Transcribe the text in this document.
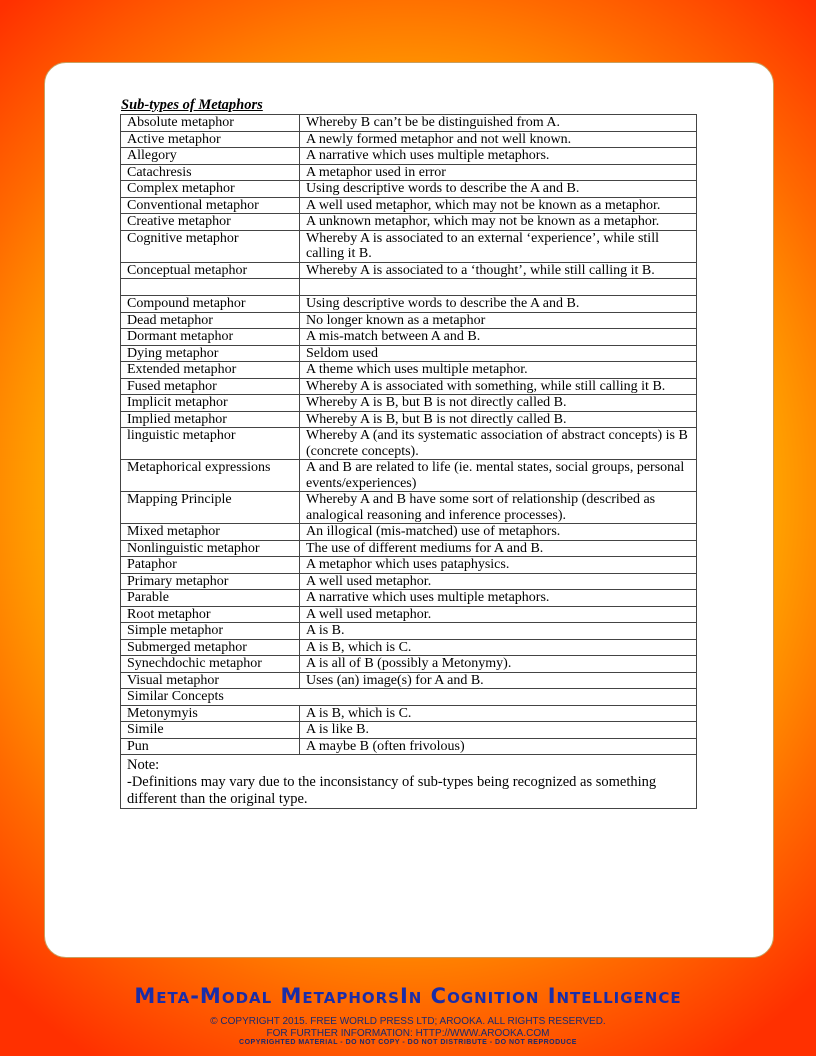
Sub-types of Metaphors
Absolute metaphor	Whereby B can’t be be distinguished from A.
Active metaphor	A newly formed metaphor and not well known.
Allegory	A narrative which uses multiple metaphors.
Catachresis	A metaphor used in error
Complex metaphor	Using descriptive words to describe the A and B.
Conventional metaphor	A well used metaphor, which may not be known as a metaphor.
Creative metaphor	A unknown metaphor, which may not be known as a metaphor.
Cognitive metaphor	Whereby A is associated to an external ‘experience’, while still calling it B.
Conceptual metaphor	Whereby A is associated to a ‘thought’, while still calling it B.

Compound metaphor	Using descriptive words to describe the A and B.
Dead metaphor	No longer known as a metaphor
Dormant metaphor	A mis-match between A and B.
Dying metaphor	Seldom used
Extended metaphor	A theme which uses multiple metaphor.
Fused metaphor	Whereby A is associated with something, while still calling it B.
Implicit metaphor	Whereby A is B, but B is not directly called B.
Implied metaphor	Whereby A is B, but B is not directly called B.
linguistic metaphor	Whereby A (and its systematic association of abstract concepts) is B (concrete concepts).
Metaphorical expressions	A and B are related to life (ie. mental states, social groups, personal events/experiences)
Mapping Principle	Whereby A and B have some sort of relationship (described as analogical reasoning and inference processes).
Mixed metaphor	An illogical (mis-matched) use of metaphors.
Nonlinguistic metaphor	The use of different mediums for A and B.
Pataphor	A metaphor which uses pataphysics.
Primary metaphor	A well used metaphor.
Parable	A narrative which uses multiple metaphors.
Root metaphor	A well used metaphor.
Simple metaphor	A is B.
Submerged metaphor	A is B, which is C.
Synechdochic metaphor	A is all of B (possibly a Metonymy).
Visual metaphor	Uses (an) image(s) for A and B.
Similar Concepts	
Metonymyis	A is B, which is C.
Simile	A is like B.
Pun	A maybe B (often frivolous)

Note:
-Definitions may vary due to the inconsistancy of sub-types being recognized as something different than the original type.	
Meta-Modal MetaphorsIn Cognition Intelligence
© COPYRIGHT 2015. FREE WORLD PRESS LTD; AROOKA. ALL RIGHTS RESERVED.
FOR FURTHER INFORMATION: HTTP://WWW.AROOKA.COM
COPYRIGHTED MATERIAL - DO NOT COPY - DO NOT DISTRIBUTE - DO NOT REPRODUCE
